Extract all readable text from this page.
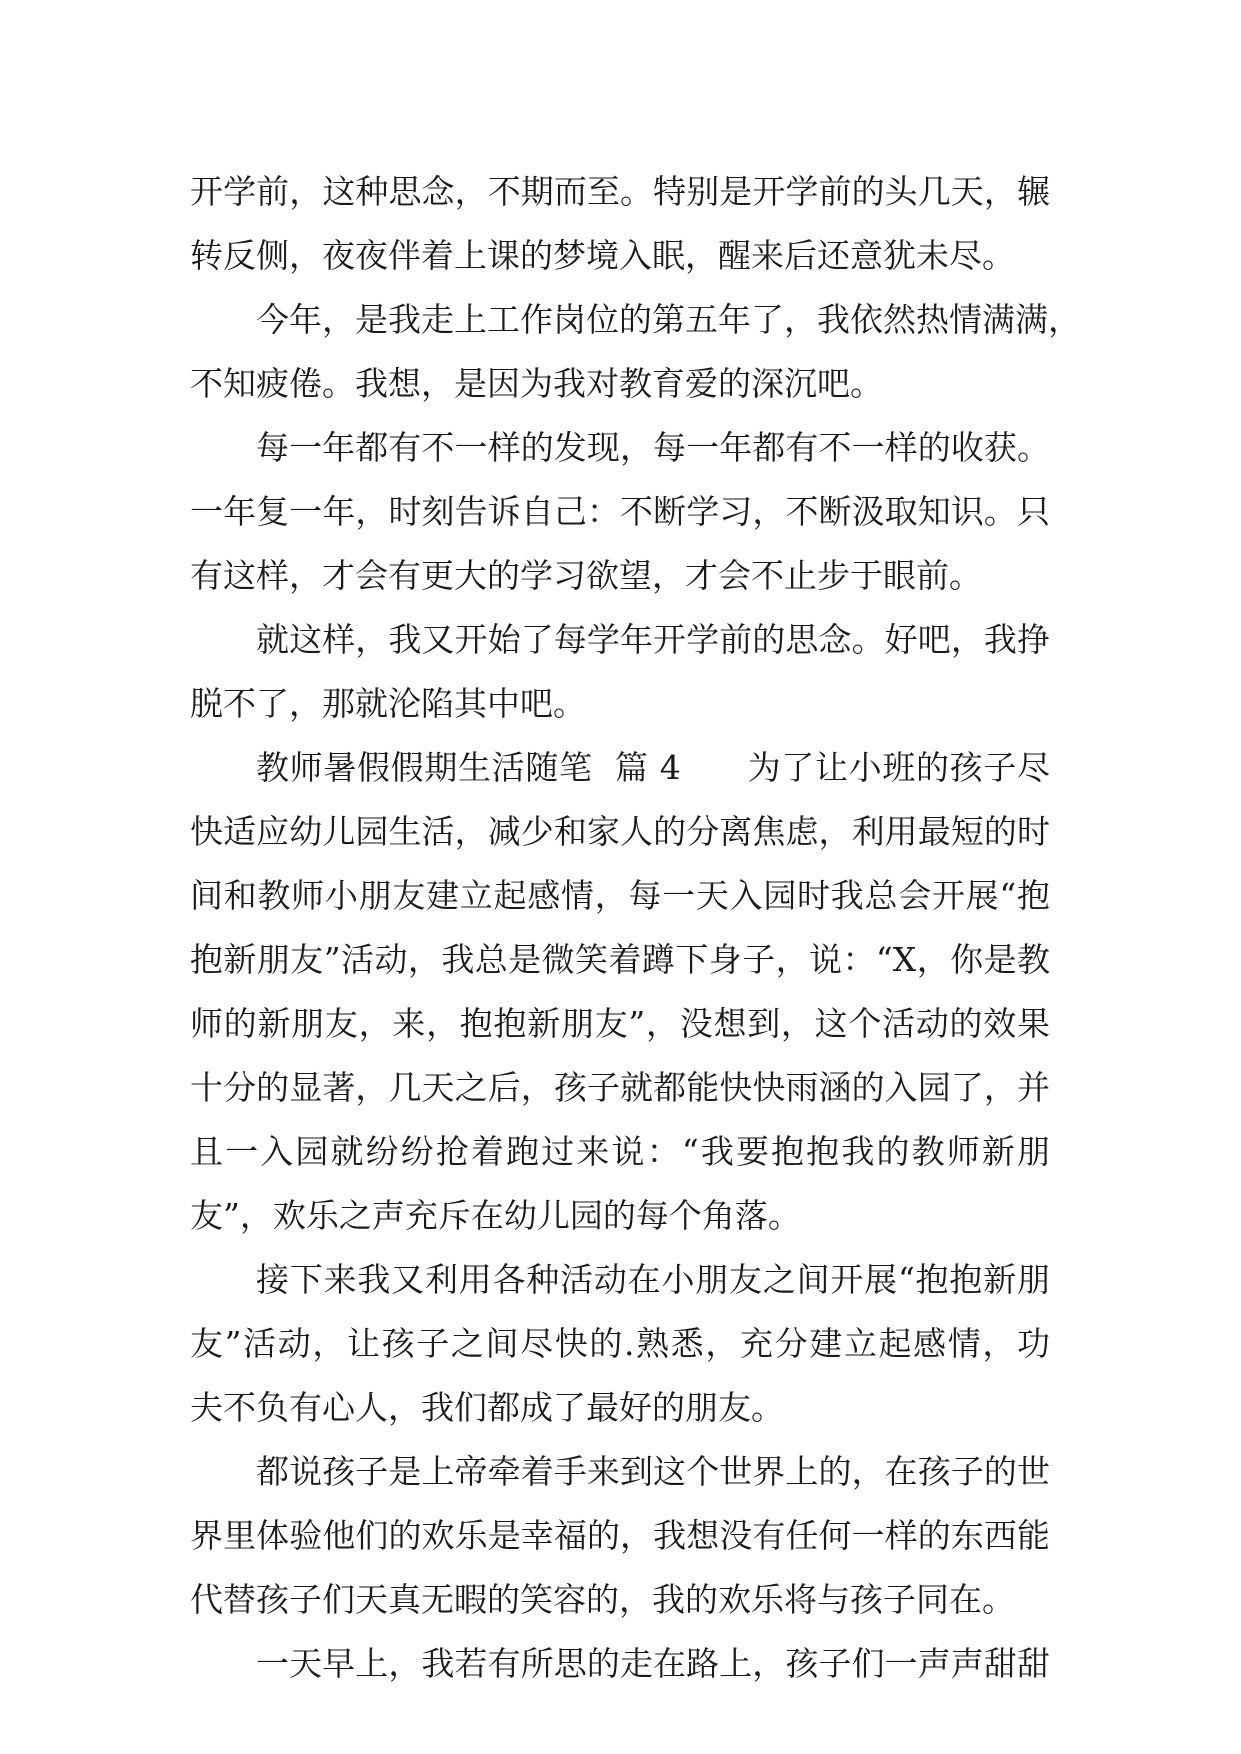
开学前，这种思念，不期而至。特别是开学前的头几天，辗
转反侧，夜夜伴着上课的梦境入眠，醒来后还意犹未尽。
今年，是我走上工作岗位的第五年了，我依然热情满满，
不知疲倦。我想，是因为我对教育爱的深沉吧。
每一年都有不一样的发现，每一年都有不一样的收获。
一年复一年，时刻告诉自己：不断学习，不断汲取知识。只
有这样，才会有更大的学习欲望，才会不止步于眼前。
就这样，我又开始了每学年开学前的思念。好吧，我挣
脱不了，那就沦陷其中吧。
教师暑假假期生活随笔  篇 4      为了让小班的孩子尽
快适应幼儿园生活，减少和家人的分离焦虑，利用最短的时
间和教师小朋友建立起感情，每一天入园时我总会开展“抱
抱新朋友”活动，我总是微笑着蹲下身子，说：“X，你是教
师的新朋友，来，抱抱新朋友”，没想到，这个活动的效果
十分的显著，几天之后，孩子就都能快快雨涵的入园了，并
且一入园就纷纷抢着跑过来说：“我要抱抱我的教师新朋
友”，欢乐之声充斥在幼儿园的每个角落。
接下来我又利用各种活动在小朋友之间开展“抱抱新朋
友”活动，让孩子之间尽快的.熟悉，充分建立起感情，功
夫不负有心人，我们都成了最好的朋友。
都说孩子是上帝牵着手来到这个世界上的，在孩子的世
界里体验他们的欢乐是幸福的，我想没有任何一样的东西能
代替孩子们天真无暇的笑容的，我的欢乐将与孩子同在。
一天早上，我若有所思的走在路上，孩子们一声声甜甜
